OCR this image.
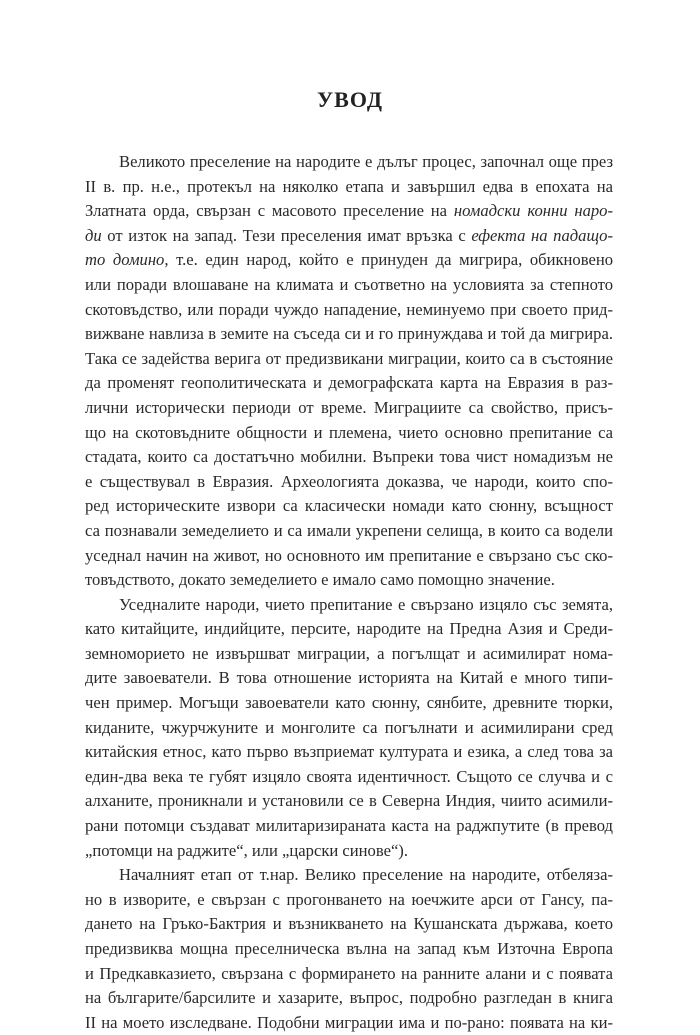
УВОД
Великото преселение на народите е дълъг процес, започнал още през
II в. пр. н.е., протекъл на няколко етапа и завършил едва в епохата на
Златната орда, свързан с масовото преселение на номадски конни наро-
ди от изток на запад. Тези преселения имат връзка с ефекта на падащо-
то домино, т.е. един народ, който е принуден да мигрира, обикновено
или поради влошаване на климата и съответно на условията за степното
скотовъдство, или поради чуждо нападение, неминуемо при своето прид-
вижване навлиза в земите на съседа си и го принуждава и той да мигрира.
Така се задейства верига от предизвикани миграции, които са в състояние
да променят геополитическата и демографската карта на Евразия в раз-
лични исторически периоди от време. Миграциите са свойство, присъ-
що на скотовъдните общности и племена, чието основно препитание са
стадата, които са достатъчно мобилни. Въпреки това чист номадизъм не
е съществувал в Евразия. Археологията доказва, че народи, които спо-
ред историческите извори са класически номади като сюнну, всъщност
са познавали земеделието и са имали укрепени селища, в които са водели
уседнал начин на живот, но основното им препитание е свързано със ско-
товъдството, докато земеделието е имало само помощно значение.
Уседналите народи, чието препитание е свързано изцяло със земята,
като китайците, индийците, персите, народите на Предна Азия и Среди-
земноморието не извършват миграции, а погълщат и асимилират нома-
дите завоеватели. В това отношение историята на Китай е много типи-
чен пример. Могъщи завоеватели като сюнну, сянбите, древните тюрки,
киданите, чжурчжуните и монголите са погълнати и асимилирани сред
китайския етнос, като първо възприемат културата и езика, а след това за
един-два века те губят изцяло своята идентичност. Същото се случва и с
алханите, проникнали и установили се в Северна Индия, чиито асимили-
рани потомци създават милитаризираната каста на раджпутите (в превод
„потомци на раджите“, или „царски синове“).
Началният етап от т.нар. Велико преселение на народите, отбелязa-
но в изворите, е свързан с прогонването на юечжите арси от Гансу, па-
дането на Гръко-Бактрия и възникването на Кушанската държава, което
предизвиква мощна преселническа вълна на запад към Източна Европа
и Предкавказието, свързана с формирането на ранните алани и с появата
на българите/барсилите и хазарите, въпрос, подробно разгледан в книга
II на моето изследване. Подобни миграции има и по-рано: появата на ки-
